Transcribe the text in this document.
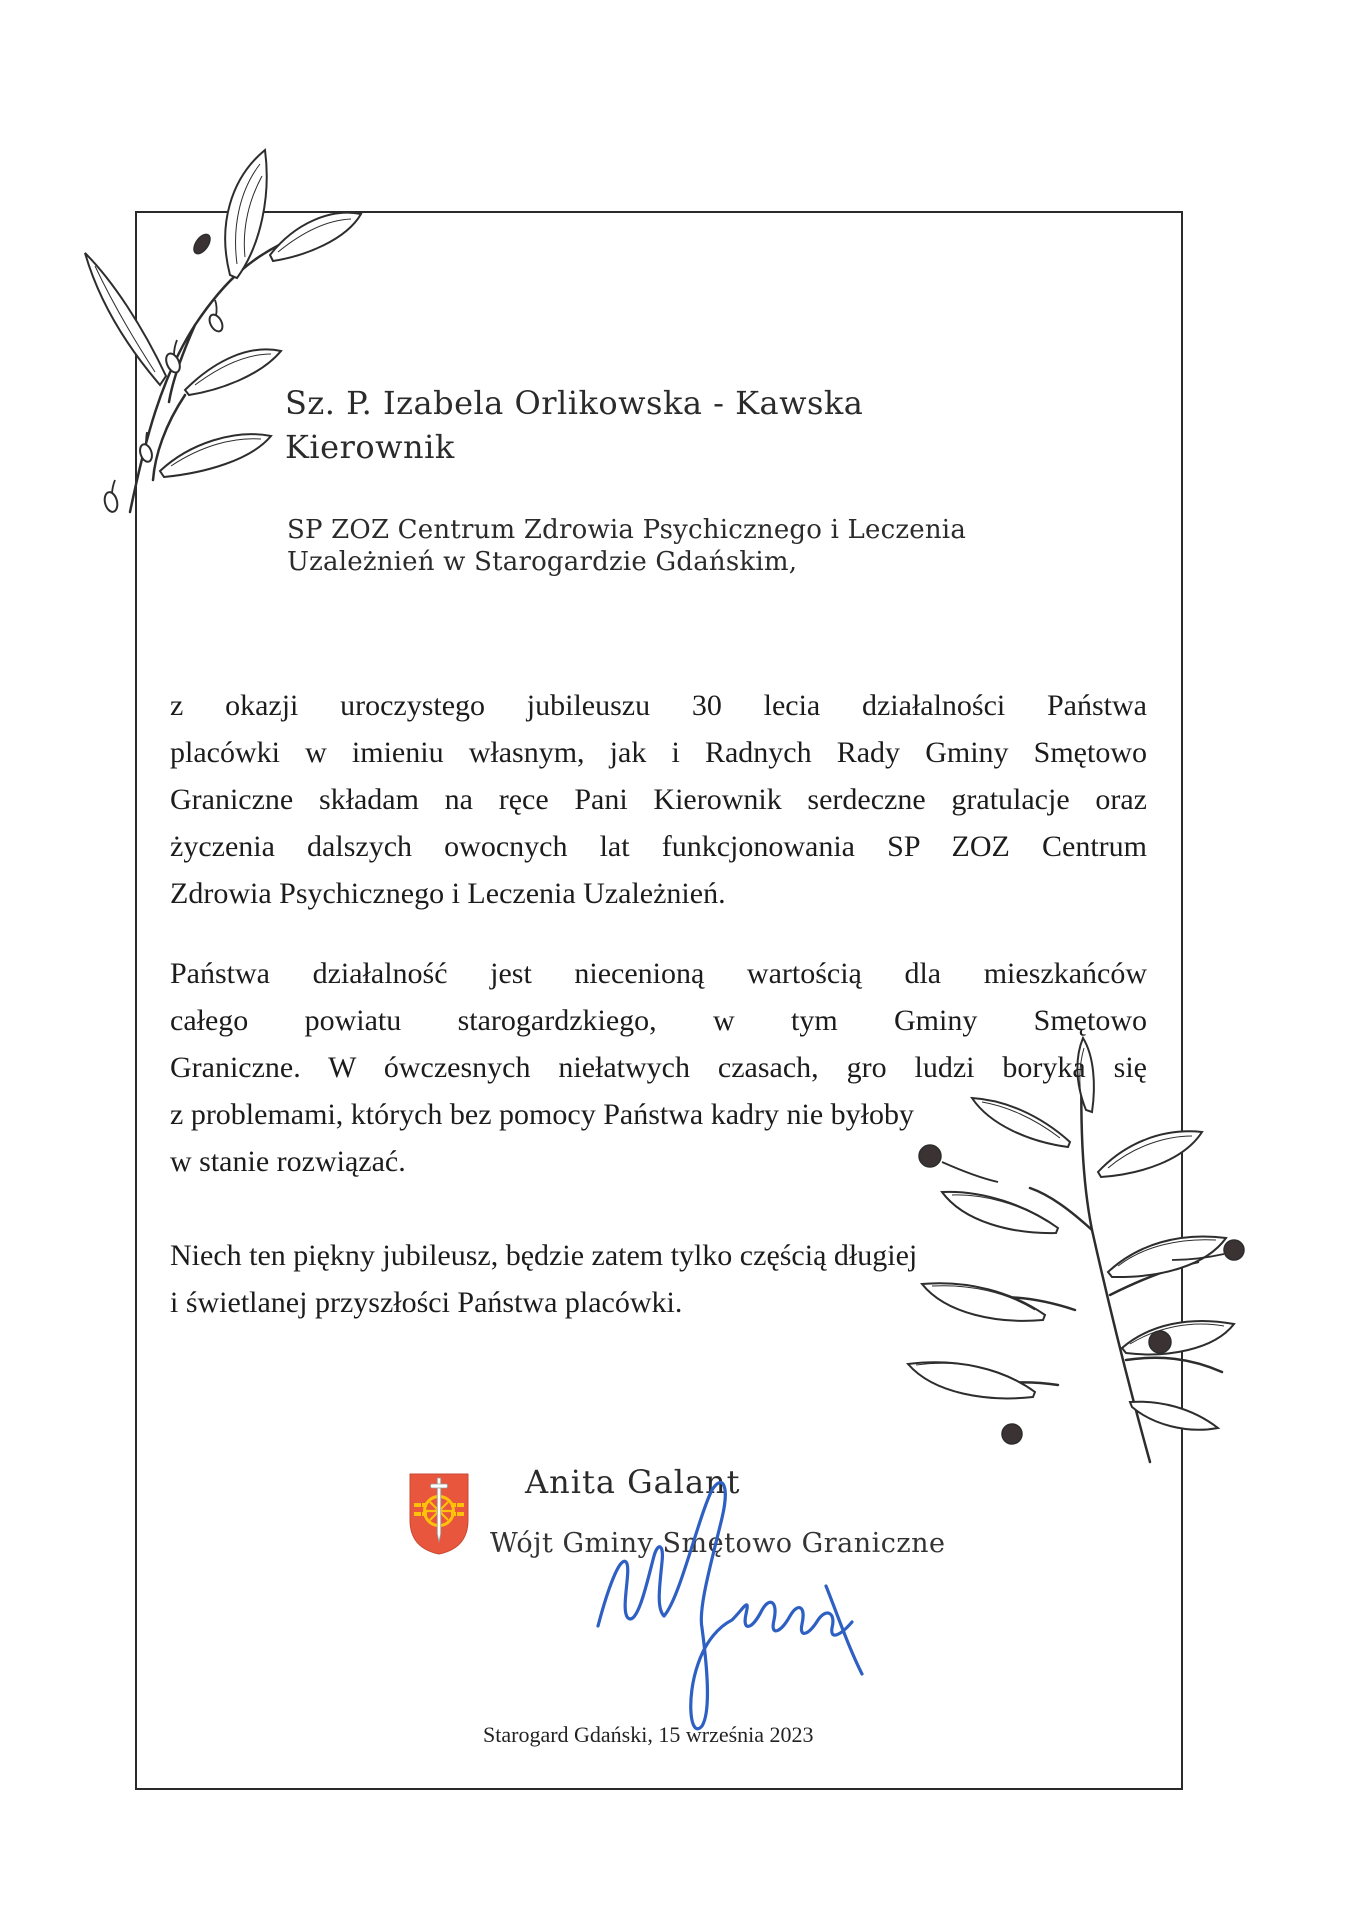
Sz. P. Izabela Orlikowska - Kawska
Kierownik
SP ZOZ Centrum Zdrowia Psychicznego i Leczenia
Uzależnień w Starogardzie Gdańskim,
z okazji uroczystego jubileuszu 30 lecia działalności Państwa
placówki w imieniu własnym, jak i Radnych Rady Gminy Smętowo
Graniczne składam na ręce Pani Kierownik serdeczne gratulacje oraz
życzenia dalszych owocnych lat funkcjonowania SP ZOZ Centrum
Zdrowia Psychicznego i Leczenia Uzależnień.
Państwa działalność jest niecenioną wartością dla mieszkańców
całego powiatu starogardzkiego, w tym Gminy Smętowo
Graniczne. W ówczesnych niełatwych czasach, gro ludzi boryka się
z problemami, których bez pomocy Państwa kadry nie byłoby
w stanie rozwiązać.
Niech ten piękny jubileusz, będzie zatem tylko częścią długiej
i świetlanej przyszłości Państwa placówki.
Anita Galant
Wójt Gminy Smętowo Graniczne
Starogard Gdański, 15 września 2023
